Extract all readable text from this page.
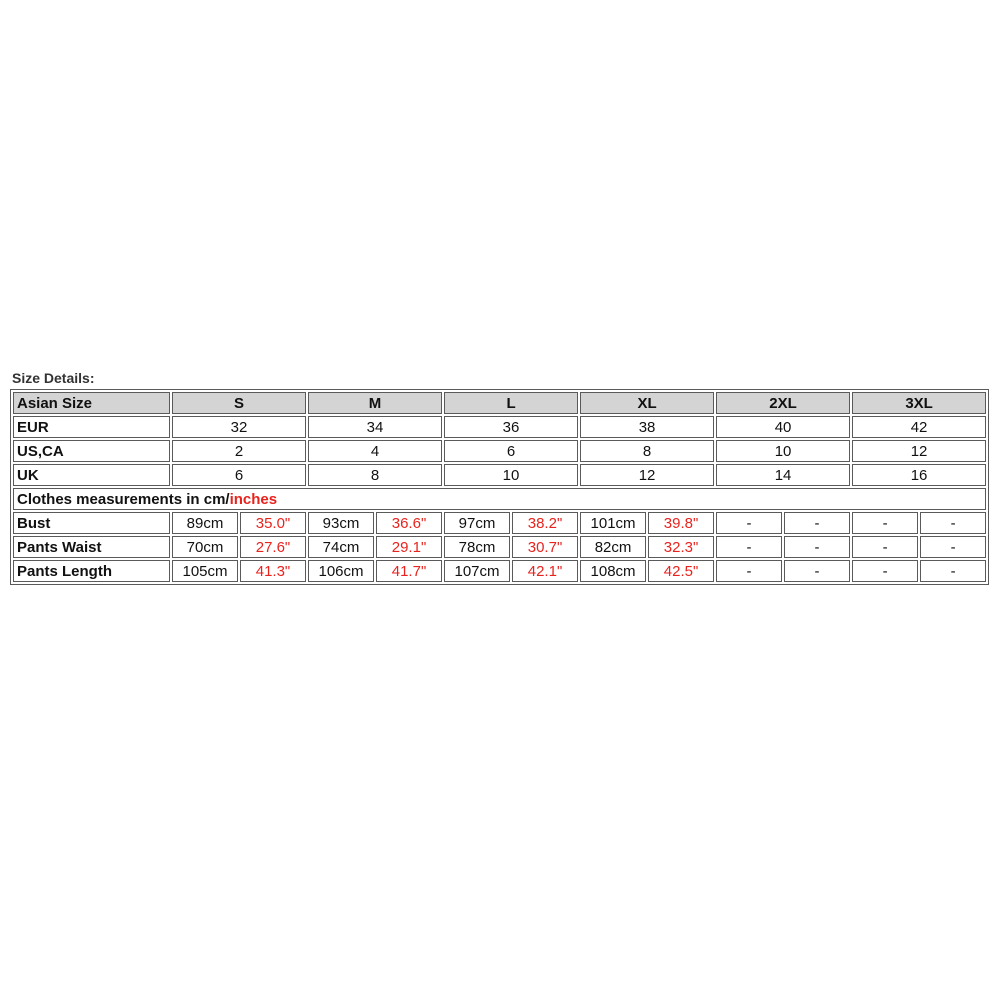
Size Details:
Asian Size	S		M		L		XL		2XL		3XL	
EUR	32		34		36		38		40		42	
US,CA	2		4		6		8		10		12	
UK	6		8		10		12		14		16	
Clothes measurements in cm/inches												
Bust	89cm	35.0"	93cm	36.6"	97cm	38.2"	101cm	39.8"	-	-	-	-
Pants Waist	70cm	27.6"	74cm	29.1"	78cm	30.7"	82cm	32.3"	-	-	-	-
Pants Length	105cm	41.3"	106cm	41.7"	107cm	42.1"	108cm	42.5"	-	-	-	-
